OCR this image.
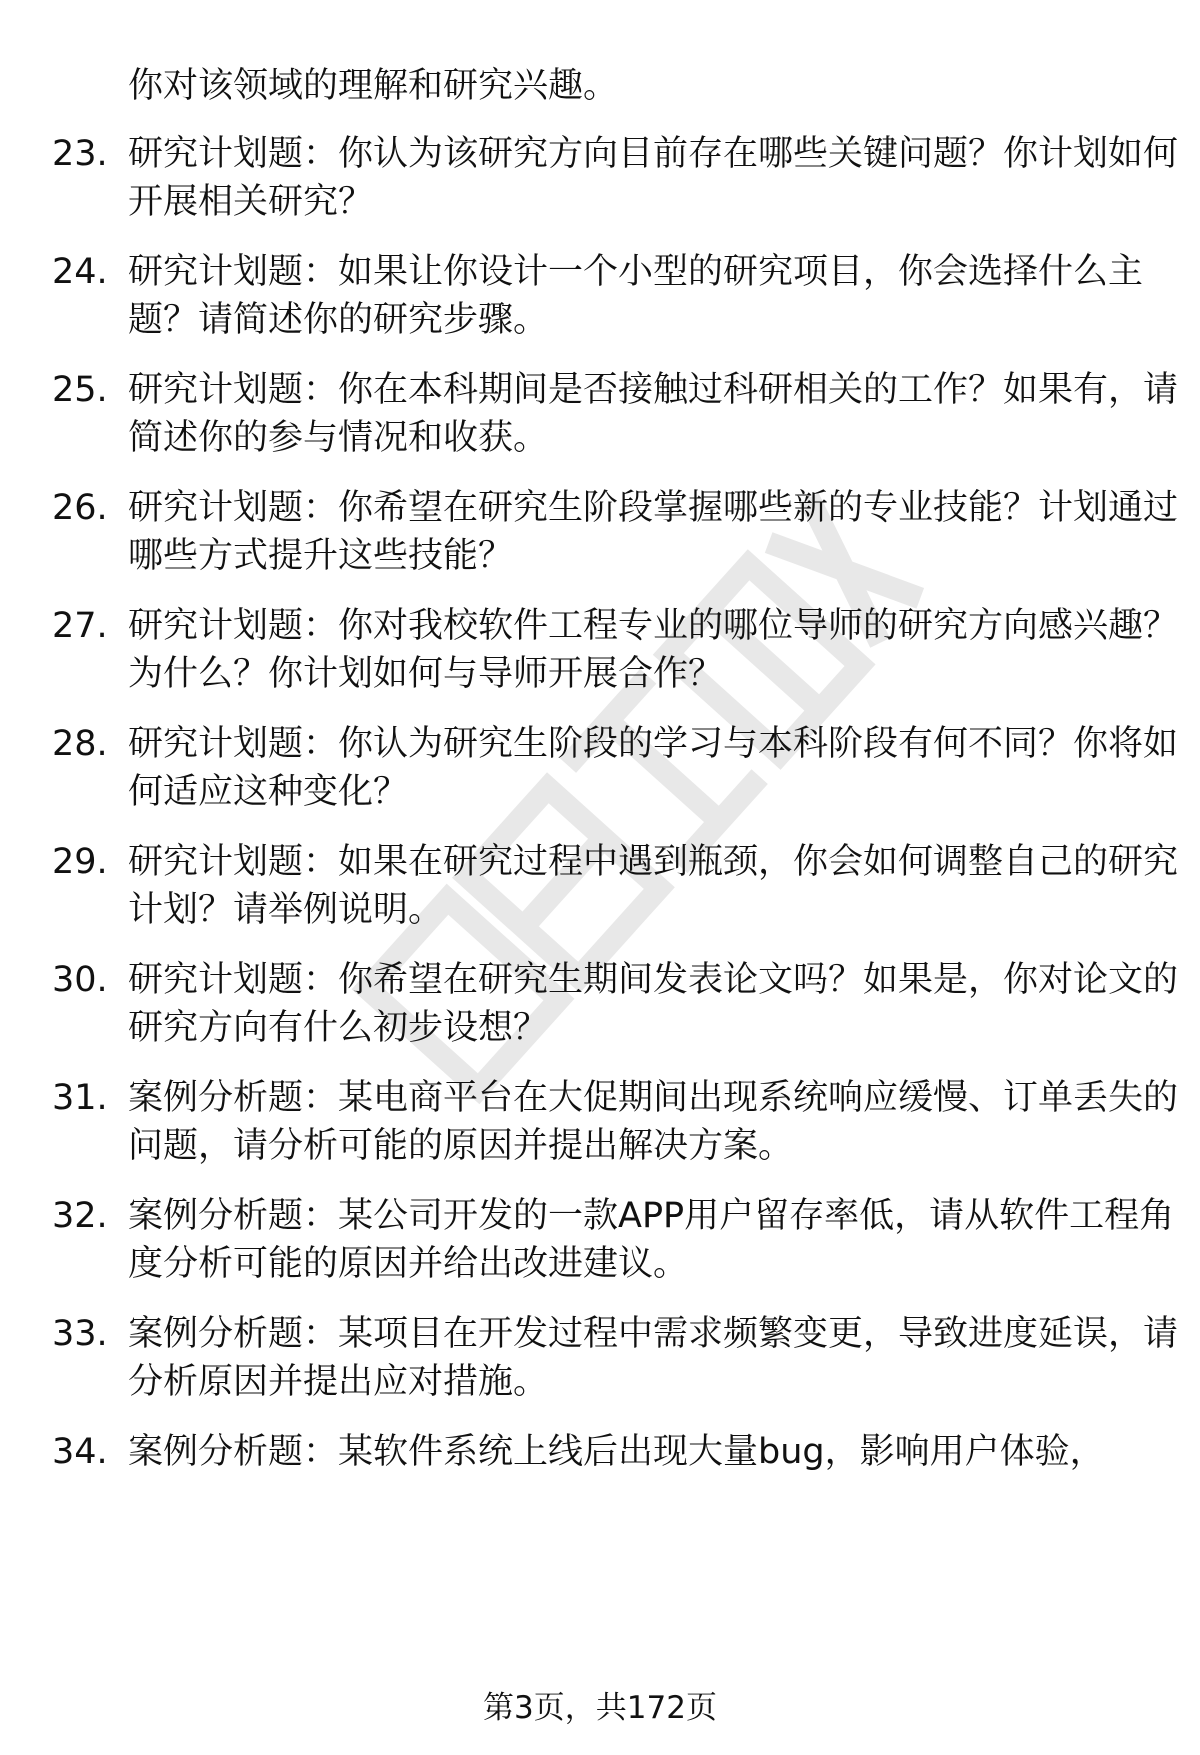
你对该领域的理解和研究兴趣。
23. 研究计划题：你认为该研究方向目前存在哪些关键问题？你计划如何开展相关研究？
24. 研究计划题：如果让你设计一个小型的研究项目，你会选择什么主题？请简述你的研究步骤。
25. 研究计划题：你在本科期间是否接触过科研相关的工作？如果有，请简述你的参与情况和收获。
26. 研究计划题：你希望在研究生阶段掌握哪些新的专业技能？计划通过哪些方式提升这些技能？
27. 研究计划题：你对我校软件工程专业的哪位导师的研究方向感兴趣？为什么？你计划如何与导师开展合作？
28. 研究计划题：你认为研究生阶段的学习与本科阶段有何不同？你将如何适应这种变化？
29. 研究计划题：如果在研究过程中遇到瓶颈，你会如何调整自己的研究计划？请举例说明。
30. 研究计划题：你希望在研究生期间发表论文吗？如果是，你对论文的研究方向有什么初步设想？
31. 案例分析题：某电商平台在大促期间出现系统响应缓慢、订单丢失的问题，请分析可能的原因并提出解决方案。
32. 案例分析题：某公司开发的一款APP用户留存率低，请从软件工程角度分析可能的原因并给出改进建议。
33. 案例分析题：某项目在开发过程中需求频繁变更，导致进度延误，请分析原因并提出应对措施。
34. 案例分析题：某软件系统上线后出现大量bug，影响用户体验，
第3页，共172页
